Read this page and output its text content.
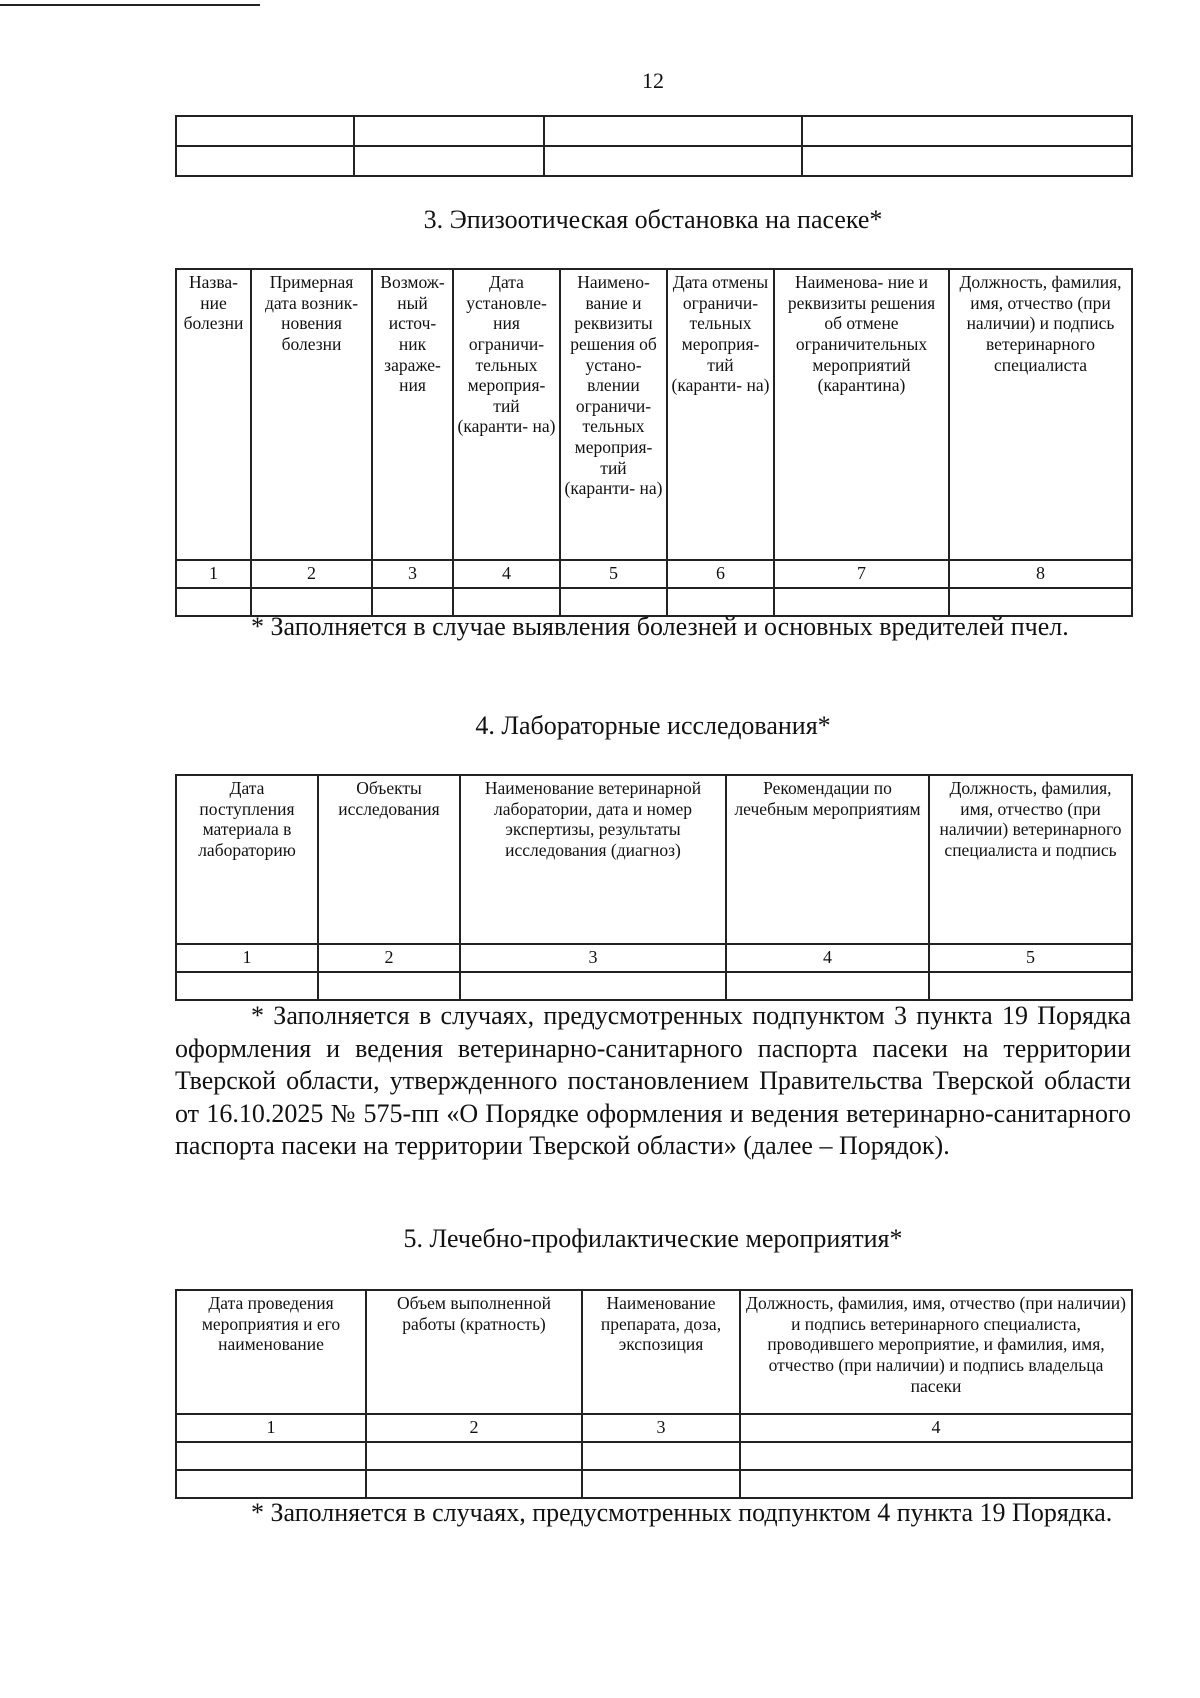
12

3. Эпизоотическая обстановка на пасеке*
Назва- ние болезни	Примерная дата возник- новения болезни	Возмож- ный источ- ник зараже- ния	Дата установле- ния ограничи- тельных мероприя- тий (каранти- на)	Наимено- вание и реквизиты решения об устано- влении ограничи- тельных мероприя- тий (каранти- на)	Дата отмены ограничи- тельных мероприя- тий (каранти- на)	Наименова- ние и реквизиты решения об отмене ограничительных мероприятий (карантина)	Должность, фамилия, имя, отчество (при наличии) и подпись ветеринарного специалиста
1	2	3	4	5	6	7	8

* Заполняется в случае выявления болезней и основных вредителей пчел.

4. Лабораторные исследования*
Дата поступления материала в лабораторию	Объекты исследования	Наименование ветеринарной лаборатории, дата и номер экспертизы, результаты исследования (диагноз)	Рекомендации по лечебным мероприятиям	Должность, фамилия, имя, отчество (при наличии) ветеринарного специалиста и подпись
1	2	3	4	5

* Заполняется в случаях, предусмотренных подпунктом 3 пункта 19 Порядка оформления и ведения ветеринарно-санитарного паспорта пасеки на территории Тверской области, утвержденного постановлением Правительства Тверской области от 16.10.2025 № 575-пп «О Порядке оформления и ведения ветеринарно-санитарного паспорта пасеки на территории Тверской области» (далее – Порядок).

5. Лечебно-профилактические мероприятия*
Дата проведения мероприятия и его наименование	Объем выполненной работы (кратность)	Наименование препарата, доза, экспозиция	Должность, фамилия, имя, отчество (при наличии) и подпись ветеринарного специалиста, проводившего мероприятие, и фамилия, имя, отчество (при наличии) и подпись владельца пасеки
1	2	3	4

* Заполняется в случаях, предусмотренных подпунктом 4 пункта 19 Порядка.
